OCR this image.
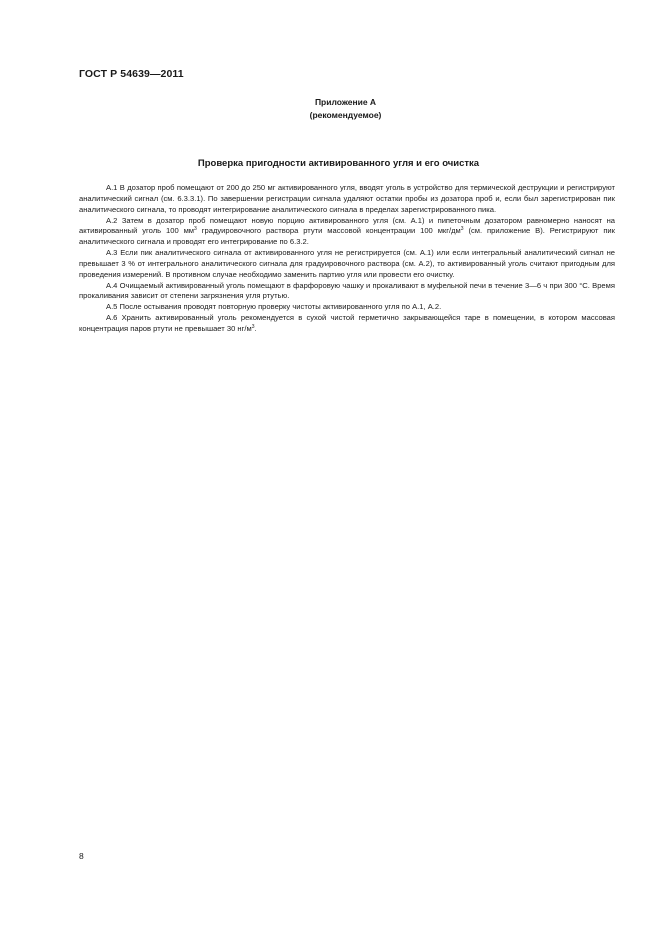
ГОСТ Р 54639—2011
Приложение А
(рекомендуемое)
Проверка пригодности активированного угля и его очистка

А.1 В дозатор проб помещают от 200 до 250 мг активированного угля, вводят уголь в устройство для термической деструкции и регистрируют аналитический сигнал (см. 6.3.3.1). По завершении регистрации сигнала удаляют остатки пробы из дозатора проб и, если был зарегистрирован пик аналитического сигнала, то проводят интегрирование аналитического сигнала в пределах зарегистрированного пика.

А.2 Затем в дозатор проб помещают новую порцию активированного угля (см. А.1) и пипеточным дозатором равномерно наносят на активированный уголь 100 $мм^3$ градуировочного раствора ртути массовой концентрации 100 мкг/$дм^3$ (см. приложение В). Регистрируют пик аналитического сигнала и проводят его интегрирование по 6.3.2.

А.3 Если пик аналитического сигнала от активированного угля не регистрируется (см. А.1) или если интегральный аналитический сигнал не превышает 3 % от интегрального аналитического сигнала для градуировочного раствора (см. А.2), то активированный уголь считают пригодным для проведения измерений. В противном случае необходимо заменить партию угля или провести его очистку.

А.4 Очищаемый активированный уголь помещают в фарфоровую чашку и прокаливают в муфельной печи в течение 3—6 ч при 300 °С. Время прокаливания зависит от степени загрязнения угля ртутью.

А.5 После остывания проводят повторную проверку чистоты активированного угля по А.1, А.2.

А.6 Хранить активированный уголь рекомендуется в сухой чистой герметично закрывающейся таре в помещении, в котором массовая концентрация паров ртути не превышает 30 $нг/м^3$.

8
